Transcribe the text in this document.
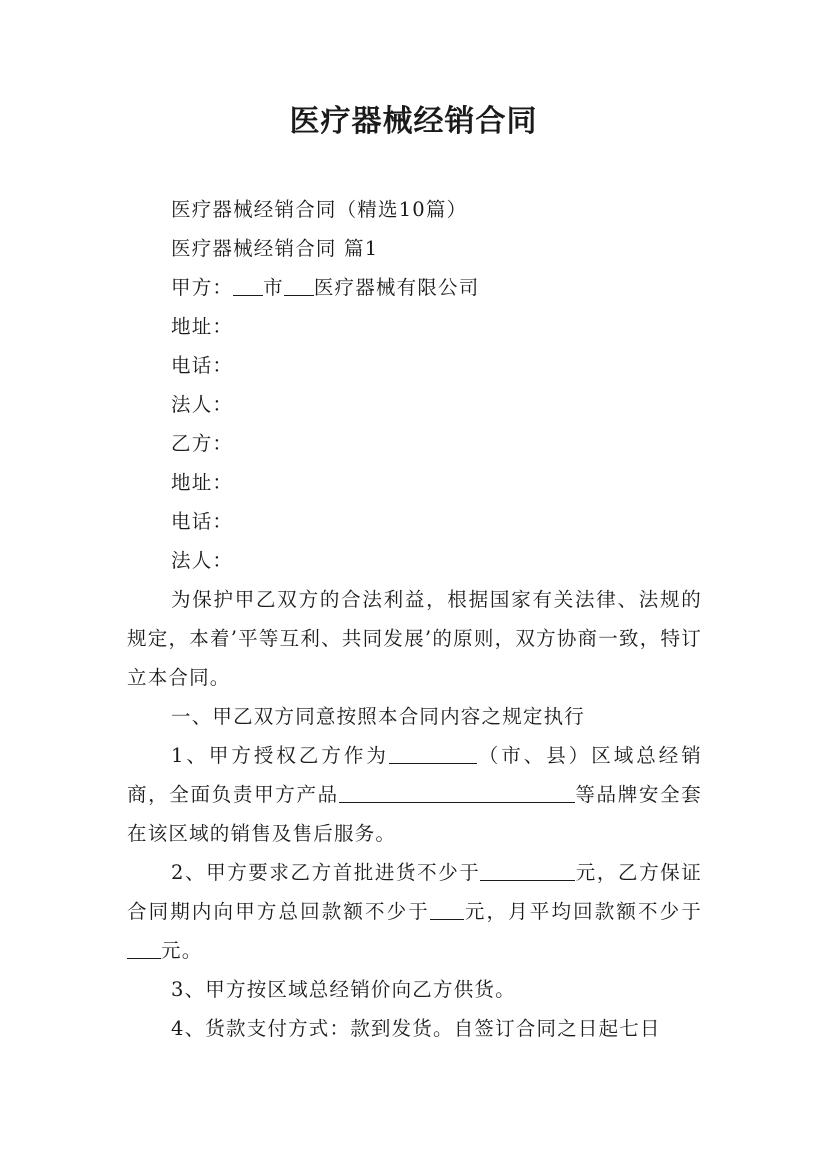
医疗器械经销合同

医疗器械经销合同（精选10篇）

医疗器械经销合同 篇1

甲方： 市 医疗器械有限公司

地址：

电话：

法人：

乙方：

地址：

电话：

法人：

为保护甲乙双方的合法利益，根据国家有关法律、法规的规定，本着’平等互利、共同发展’的原则，双方协商一致，特订立本合同。

一、甲乙双方同意按照本合同内容之规定执行

1、甲方授权乙方作为	（市、县）区域总经销商，全面负责甲方产品	等品牌安全套在该区域的销售及售后服务。

2、甲方要求乙方首批进货不少于	元，乙方保证合同期内向甲方总回款额不少于 元，月平均回款额不少于元。

3、甲方按区域总经销价向乙方供货。

4、货款支付方式：款到发货。自签订合同之日起七日
